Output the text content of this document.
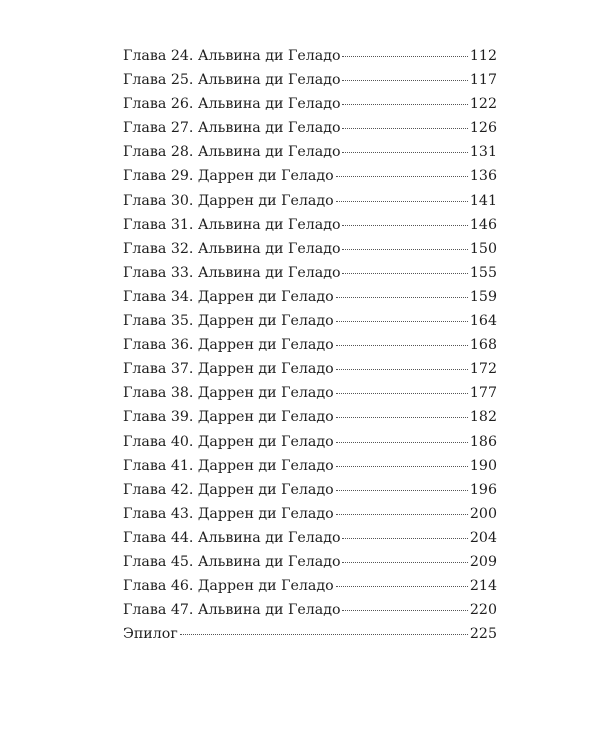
Глава 24. Альвина ди Геладо	112
Глава 25. Альвина ди Геладо	117
Глава 26. Альвина ди Геладо	122
Глава 27. Альвина ди Геладо	126
Глава 28. Альвина ди Геладо	131
Глава 29. Даррен ди Геладо	136
Глава 30. Даррен ди Геладо	141
Глава 31. Альвина ди Геладо	146
Глава 32. Альвина ди Геладо	150
Глава 33. Альвина ди Геладо	155
Глава 34. Даррен ди Геладо	159
Глава 35. Даррен ди Геладо	164
Глава 36. Даррен ди Геладо	168
Глава 37. Даррен ди Геладо	172
Глава 38. Даррен ди Геладо	177
Глава 39. Даррен ди Геладо	182
Глава 40. Даррен ди Геладо	186
Глава 41. Даррен ди Геладо	190
Глава 42. Даррен ди Геладо	196
Глава 43. Даррен ди Геладо	200
Глава 44. Альвина ди Геладо	204
Глава 45. Альвина ди Геладо	209
Глава 46. Даррен ди Геладо	214
Глава 47. Альвина ди Геладо	220
Эпилог	225
